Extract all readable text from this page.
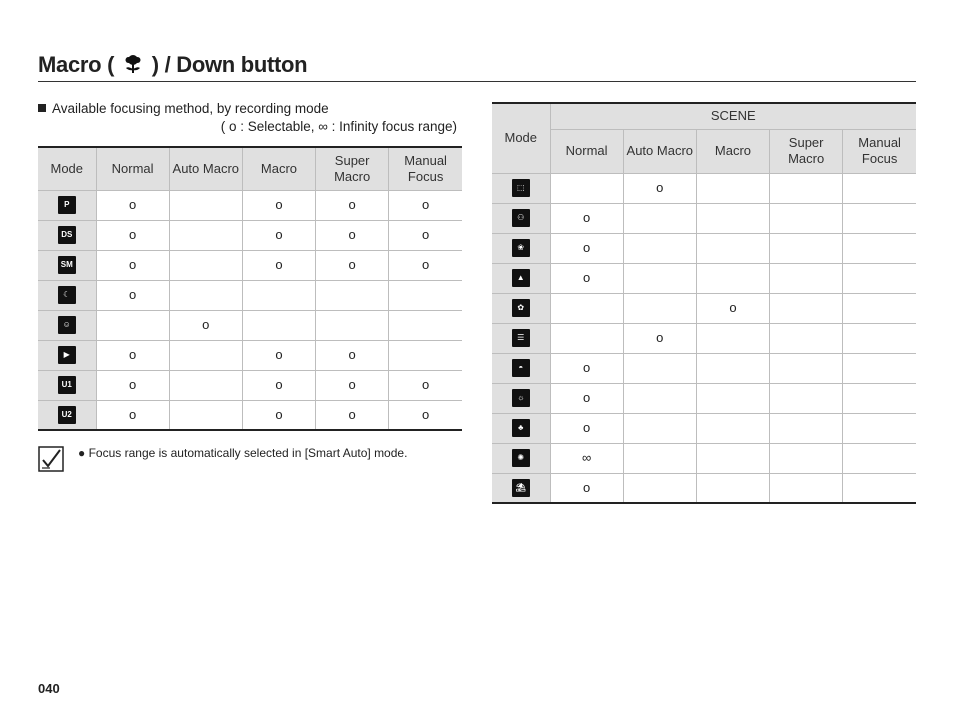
Macro ( ) / Down button
Available focusing method, by recording mode
( o : Selectable, ∞ : Infinity focus range)
Mode	Normal	Auto Macro	Macro	Super Macro	Manual Focus
P	o		o	o	o
DS	o		o	o	o
SM	o		o	o	o
☾	o				
☺		o			
▶	o		o	o	
U1	o		o	o	o
U2	o		o	o	o
● Focus range is automatically selected in [Smart Auto] mode.
Mode	SCENE				
	Normal	Auto Macro	Macro	Super Macro	Manual Focus
⬚		o			
⚇	o				
❀	o				
▲	o				
✿			o		
☰		o			
◓	o				
☼	o				
♣	o				
✺	∞				
⛱	o				
040
